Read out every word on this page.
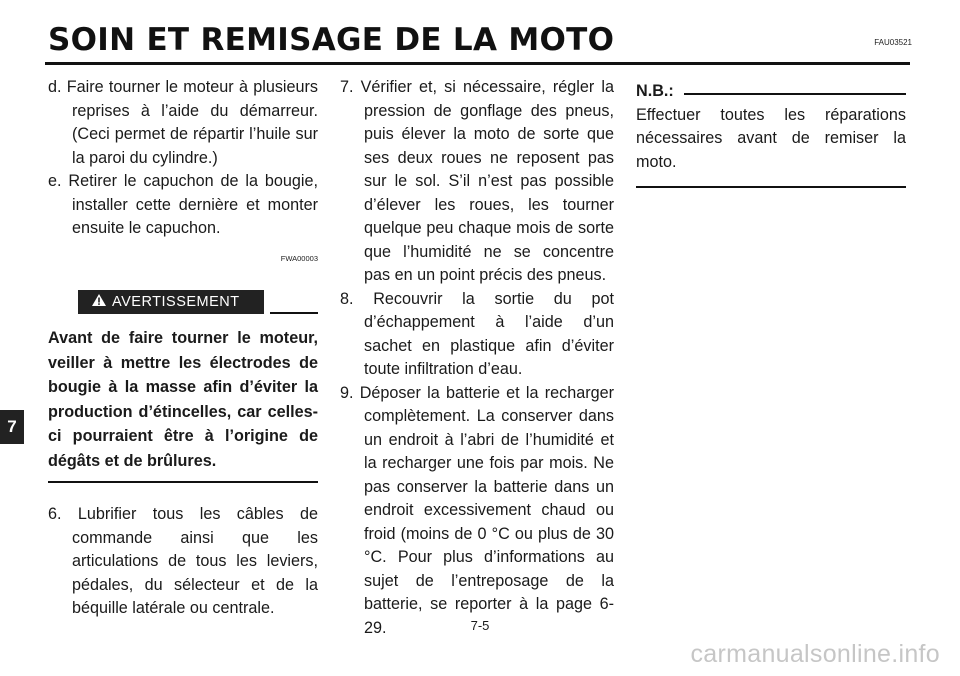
SOIN ET REMISAGE DE LA MOTO	FAU03521
7

d. Faire tourner le moteur à plusieurs reprises à l’aide du démarreur. (Ceci permet de répartir l’huile sur la paroi du cylindre.)

e. Retirer le capuchon de la bougie, installer cette dernière et monter ensuite le capuchon.

FWA00003
AVERTISSEMENT
Avant de faire tourner le moteur, veiller à mettre les électrodes de bougie à la masse afin d’éviter la production d’étincelles, car celles-ci pourraient être à l’origine de dégâts et de brûlures.

6. Lubrifier tous les câbles de commande ainsi que les articulations de tous les leviers, pédales, du sélecteur et de la béquille latérale ou centrale.

7. Vérifier et, si nécessaire, régler la pression de gonflage des pneus, puis élever la moto de sorte que ses deux roues ne reposent pas sur le sol. S’il n’est pas possible d’élever les roues, les tourner quelque peu chaque mois de sorte que l’humidité ne se concentre pas en un point précis des pneus.

8. Recouvrir la sortie du pot d’échappement à l’aide d’un sachet en plastique afin d’éviter toute infiltration d’eau.

9. Déposer la batterie et la recharger complètement. La conserver dans un endroit à l’abri de l’humidité et la recharger une fois par mois. Ne pas conserver la batterie dans un endroit excessivement chaud ou froid (moins de 0 °C ou plus de 30 °C. Pour plus d’informations au sujet de l’entreposage de la batterie, se reporter à la page 6-29.

N.B.:
Effectuer toutes les réparations nécessaires avant de remiser la moto.
7-5
carmanualsonline.info
